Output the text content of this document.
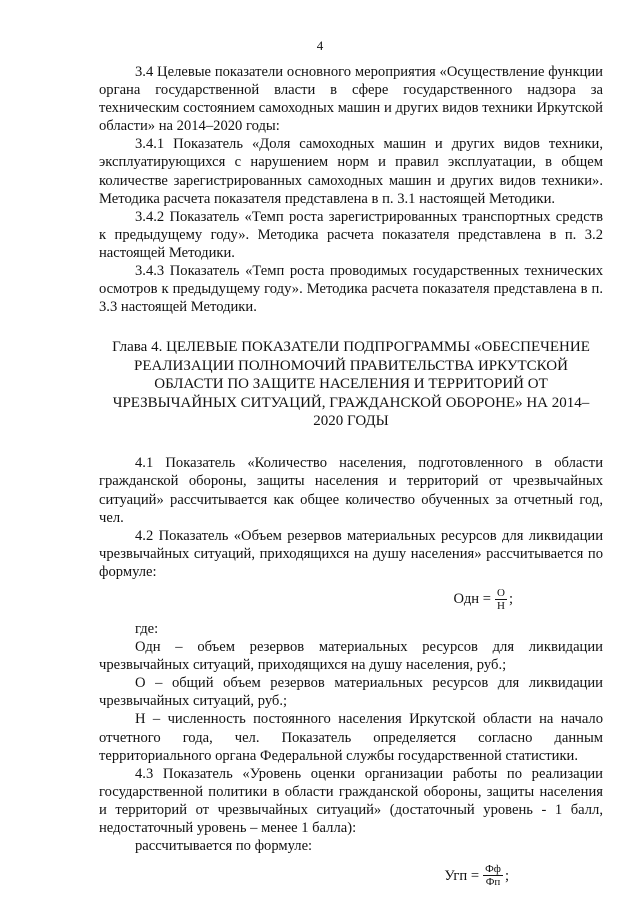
4

3.4 Целевые показатели основного мероприятия «Осуществление функции органа государственной власти в сфере государственного надзора за техническим состоянием самоходных машин и других видов техники Иркутской области» на 2014–2020 годы:

3.4.1 Показатель «Доля самоходных машин и других видов техники, эксплуатирующихся с нарушением норм и правил эксплуатации, в общем количестве зарегистрированных самоходных машин и других видов техники». Методика расчета показателя представлена в п. 3.1 настоящей Методики.

3.4.2 Показатель «Темп роста зарегистрированных транспортных средств к предыдущему году». Методика расчета показателя представлена в п. 3.2 настоящей Методики.

3.4.3 Показатель «Темп роста проводимых государственных технических осмотров к предыдущему году». Методика расчета показателя представлена в п. 3.3 настоящей Методики.

Глава 4. ЦЕЛЕВЫЕ ПОКАЗАТЕЛИ ПОДПРОГРАММЫ «ОБЕСПЕЧЕНИЕ РЕАЛИЗАЦИИ ПОЛНОМОЧИЙ ПРАВИТЕЛЬСТВА ИРКУТСКОЙ ОБЛАСТИ ПО ЗАЩИТЕ НАСЕЛЕНИЯ И ТЕРРИТОРИЙ ОТ ЧРЕЗВЫЧАЙНЫХ СИТУАЦИЙ, ГРАЖДАНСКОЙ ОБОРОНЕ» НА 2014–2020 ГОДЫ

4.1 Показатель «Количество населения, подготовленного в области гражданской обороны, защиты населения и территорий от чрезвычайных ситуаций» рассчитывается как общее количество обученных за отчетный год, чел.

4.2 Показатель «Объем резервов материальных ресурсов для ликвидации чрезвычайных ситуаций, приходящихся на душу населения» рассчитывается по формуле:

Одн = $\frac{О}{Н}$ ;

где:

Одн – объем резервов материальных ресурсов для ликвидации чрезвычайных ситуаций, приходящихся на душу населения, руб.;

О – общий объем резервов материальных ресурсов для ликвидации чрезвычайных ситуаций, руб.;

Н – численность постоянного населения Иркутской области на начало отчетного года, чел. Показатель определяется согласно данным территориального органа Федеральной службы государственной статистики.

4.3 Показатель «Уровень оценки организации работы по реализации государственной политики в области гражданской обороны, защиты населения и территорий от чрезвычайных ситуаций» (достаточный уровень - 1 балл, недостаточный уровень – менее 1 балла):

рассчитывается по формуле:

Угп = $\frac{Фф}{Фп}$ ;
